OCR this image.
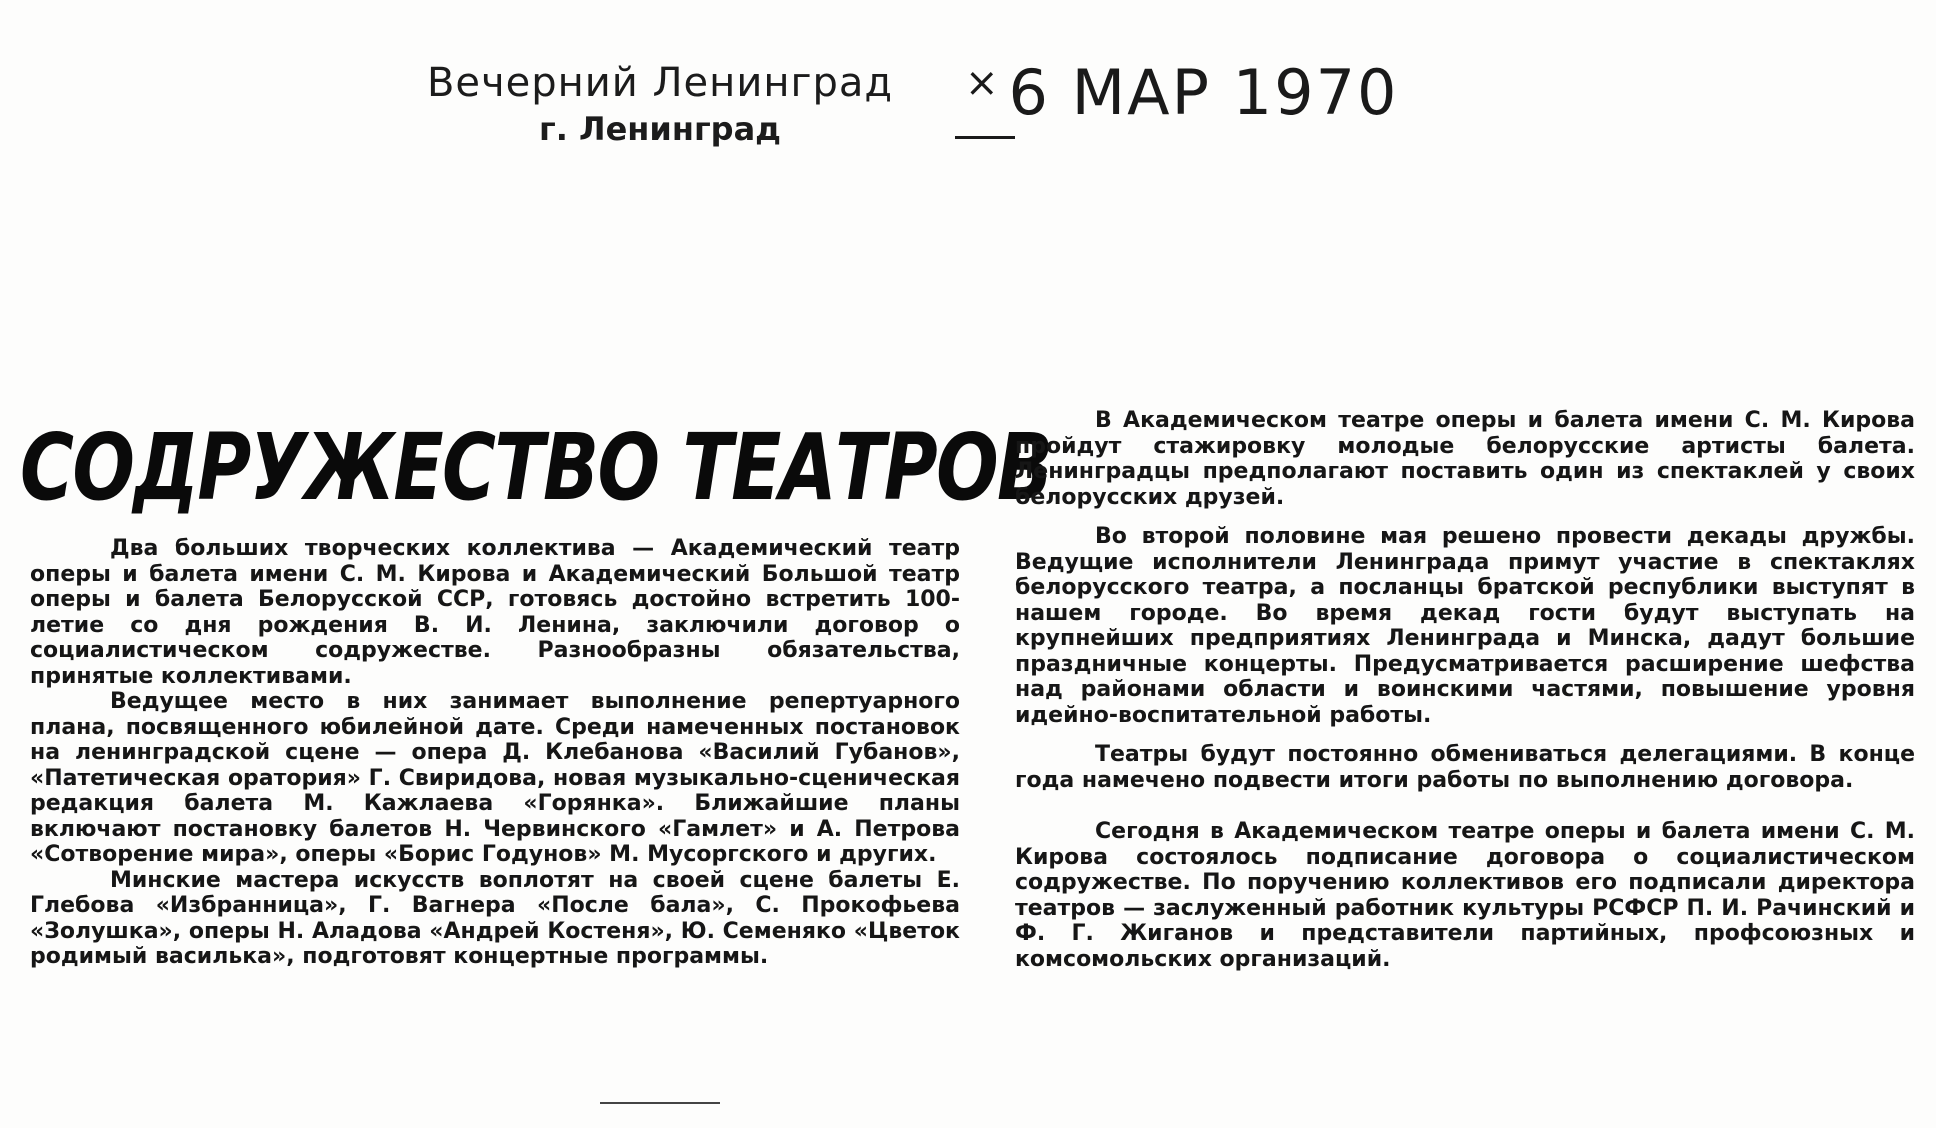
Вечерний Ленинград
г. Ленинград
× 6 МАР 1970
СОДРУЖЕСТВО ТЕАТРОВ

Два больших творческих коллектива — Академический театр оперы и балета имени С. М. Кирова и Академический Большой театр оперы и балета Белорусской ССР, готовясь достойно встретить 100-летие со дня рождения В. И. Ленина, заключили договор о социалистическом содружестве. Разнообразны обязательства, принятые коллективами.

Ведущее место в них занимает выполнение репертуарного плана, посвященного юбилейной дате. Среди намеченных постановок на ленинградской сцене — опера Д. Клебанова «Василий Губанов», «Патетическая оратория» Г. Свиридова, новая музыкально-сценическая редакция балета М. Кажлаева «Горянка». Ближайшие планы включают постановку балетов Н. Червинского «Гамлет» и А. Петрова «Сотворение мира», оперы «Борис Годунов» М. Мусоргского и других.

Минские мастера искусств воплотят на своей сцене балеты Е. Глебова «Избранница», Г. Вагнера «После бала», С. Прокофьева «Золушка», оперы Н. Аладова «Андрей Костеня», Ю. Семеняко «Цветок родимый василька», подготовят концертные программы.

В Академическом театре оперы и балета имени С. М. Кирова пройдут стажировку молодые белорусские артисты балета. Ленинградцы предполагают поставить один из спектаклей у своих белорусских друзей.

Во второй половине мая решено провести декады дружбы. Ведущие исполнители Ленинграда примут участие в спектаклях белорусского театра, а посланцы братской республики выступят в нашем городе. Во время декад гости будут выступать на крупнейших предприятиях Ленинграда и Минска, дадут большие праздничные концерты. Предусматривается расширение шефства над районами области и воинскими частями, повышение уровня идейно-воспитательной работы.

Театры будут постоянно обмениваться делегациями. В конце года намечено подвести итоги работы по выполнению договора.

Сегодня в Академическом театре оперы и балета имени С. М. Кирова состоялось подписание договора о социалистическом содружестве. По поручению коллективов его подписали директора театров — заслуженный работник культуры РСФСР П. И. Рачинский и Ф. Г. Жиганов и представители партийных, профсоюзных и комсомольских организаций.
